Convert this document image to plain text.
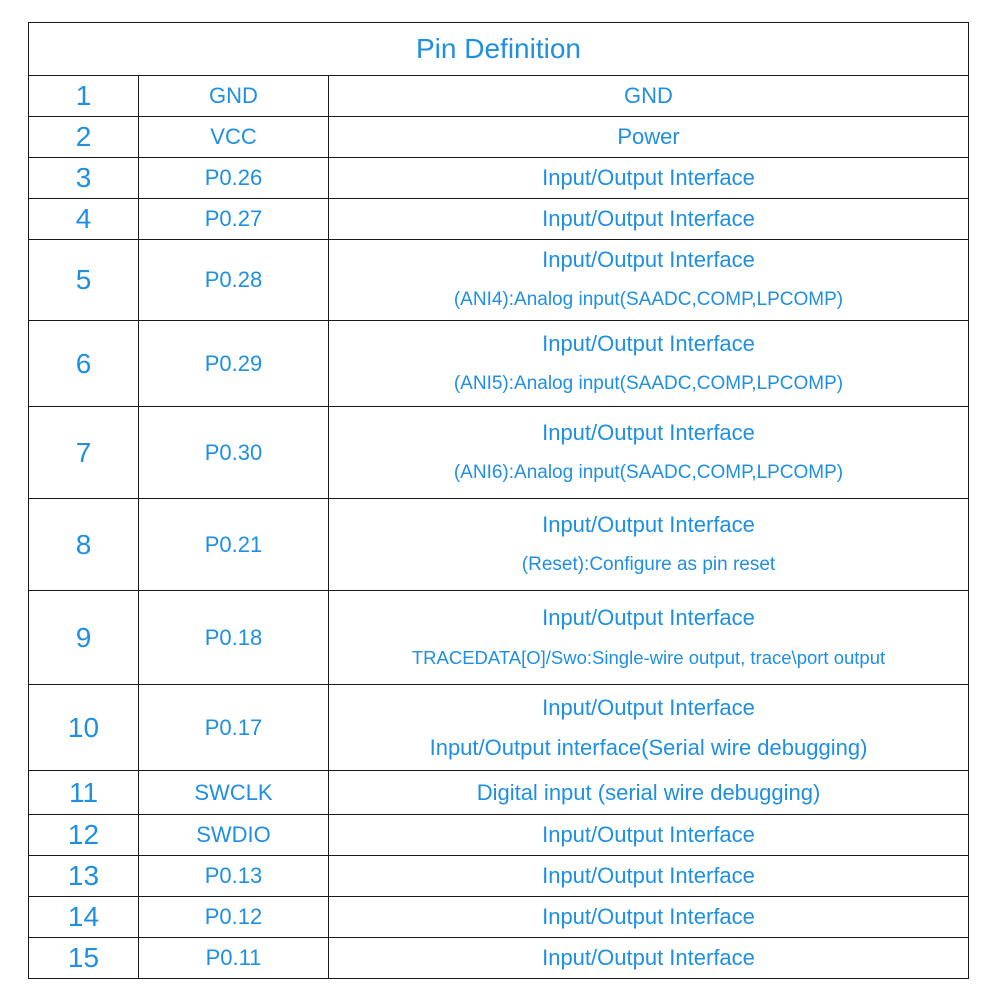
Pin Definition		
1	GND	GND

2	VCC	Power

3	P0.26	Input/Output Interface

4	P0.27	Input/Output Interface

5	P0.28	Input/Output Interface
(ANI4):Analog input(SAADC,COMP,LPCOMP)

6	P0.29	Input/Output Interface
(ANI5):Analog input(SAADC,COMP,LPCOMP)

7	P0.30	Input/Output Interface
(ANI6):Analog input(SAADC,COMP,LPCOMP)

8	P0.21	Input/Output Interface
(Reset):Configure as pin reset

9	P0.18	Input/Output Interface
TRACEDATA[O]/Swo:Single-wire output, trace\port output

10	P0.17	Input/Output Interface
Input/Output interface(Serial wire debugging)

11	SWCLK	Digital input (serial wire debugging)

12	SWDIO	Input/Output Interface

13	P0.13	Input/Output Interface

14	P0.12	Input/Output Interface

15	P0.11	Input/Output Interface
